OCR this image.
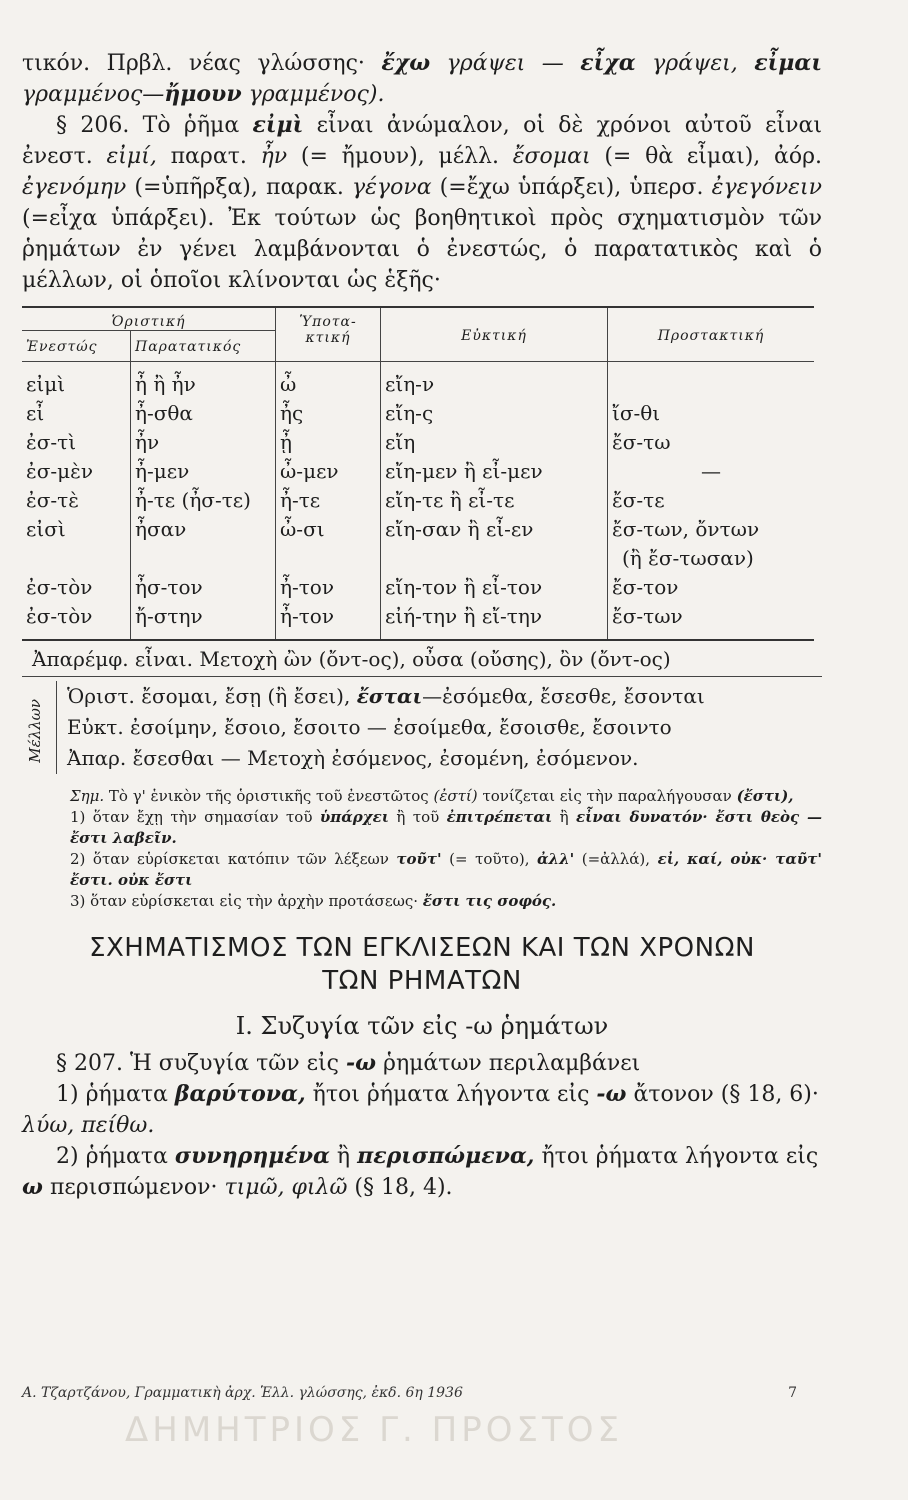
τικόν. Πρβλ. νέας γλώσσης· ἔχω γράψει — εἶχα γράψει, εἶμαι γραμμένος—ἤμουν γραμμένος).

§ 206. Τὸ ῥῆμα εἰμὶ εἶναι ἀνώμαλον, οἱ δὲ χρόνοι αὐτοῦ εἶναι ἐνεστ. εἰμί, παρατ. ἦν (= ἤμουν), μέλλ. ἔσομαι (= θὰ εἶμαι), ἀόρ. ἐγενόμην (=ὑπῆρξα), παρακ. γέγονα (=ἔχω ὑπάρξει), ὑπερσ. ἐγεγόνειν (=εἶχα ὑπάρξει). Ἐκ τούτων ὡς βοηθητικοὶ πρὸς σχηματισμὸν τῶν ῥημάτων ἐν γένει λαμβάνονται ὁ ἐνεστώς, ὁ παρατατικὸς καὶ ὁ μέλλων, οἱ ὁποῖοι κλίνονται ὡς ἑξῆς·

Ὁριστική		Ὑποτα-κτική	Εὐκτική	Προστακτική
Ἐνεστώς	Παρατατικός			

εἰμὶ	ἦ ἢ ἦν	ὦ	εἴη-ν	
εἶ	ἦ-σθα	ἦς	εἴη-ς	ἴσ-θι
ἐσ-τὶ	ἦν	ᾖ	εἴη	ἔσ-τω
ἐσ-μὲν	ἦ-μεν	ὦ-μεν	εἴη-μεν ἢ εἶ-μεν	—
ἐσ-τὲ	ἦ-τε (ἦσ-τε)	ἦ-τε	εἴη-τε ἢ εἶ-τε	ἔσ-τε
εἰσὶ	ἦσαν	ὦ-σι	εἴη-σαν ἢ εἶ-εν	ἔσ-των, ὄντων
				(ἢ ἔσ-τωσαν)
ἐσ-τὸν	ἦσ-τον	ἦ-τον	εἴη-τον ἢ εἶ-τον	ἔσ-τον
ἐσ-τὸν	ἤ-στην	ἦ-τον	εἰή-την ἢ εἴ-την	ἔσ-των
Ἀπαρέμφ. εἶναι. Μετοχὴ ὢν (ὄντ-ος), οὖσα (οὔσης), ὂν (ὄντ-ος)				
Μέλλων
Ὁριστ. ἔσομαι, ἔσῃ (ἢ ἔσει), ἔσται—ἐσόμεθα, ἔσεσθε, ἔσονται
Εὐκτ. ἐσοίμην, ἔσοιο, ἔσοιτο — ἐσοίμεθα, ἔσοισθε, ἔσοιντο
Ἀπαρ. ἔσεσθαι — Μετοχὴ ἐσόμενος, ἐσομένη, ἐσόμενον.

Σημ. Τὸ γ' ἑνικὸν τῆς ὁριστικῆς τοῦ ἐνεστῶτος (ἐστί) τονίζεται εἰς τὴν παραλήγουσαν (ἔστι),

1) ὅταν ἔχῃ τὴν σημασίαν τοῦ ὑπάρχει ἢ τοῦ ἐπιτρέπεται ἢ εἶναι δυνατόν· ἔστι θεὸς — ἔστι λαβεῖν.

2) ὅταν εὑρίσκεται κατόπιν τῶν λέξεων τοῦτ' (= τοῦτο), ἀλλ' (=ἀλλά), εἰ, καί, οὐκ· ταῦτ' ἔστι. οὐκ ἔστι

3) ὅταν εὑρίσκεται εἰς τὴν ἀρχὴν προτάσεως· ἔστι τις σοφός.

ΣΧΗΜΑΤΙΣΜΟΣ ΤΩΝ ΕΓΚΛΙΣΕΩΝ ΚΑΙ ΤΩΝ ΧΡΟΝΩΝ
ΤΩΝ ΡΗΜΑΤΩΝ
I. Συζυγία τῶν εἰς -ω ῥημάτων

§ 207. Ἡ συζυγία τῶν εἰς -ω ῥημάτων περιλαμβάνει

1) ῥήματα βαρύτονα, ἤτοι ῥήματα λήγοντα εἰς -ω ἄτονον (§ 18, 6)· λύω, πείθω.

2) ῥήματα συνηρημένα ἢ περισπώμενα, ἤτοι ῥήματα λήγοντα εἰς ω περισπώμενον· τιμῶ, φιλῶ (§ 18, 4).

Α. Τζαρτζάνου, Γραμματικὴ ἀρχ. Ἑλλ. γλώσσης, ἐκδ. 6η 1936	7
ΔΗΜΗΤΡΙΟΣ Γ. ΠΡΟΣΤΟΣ
